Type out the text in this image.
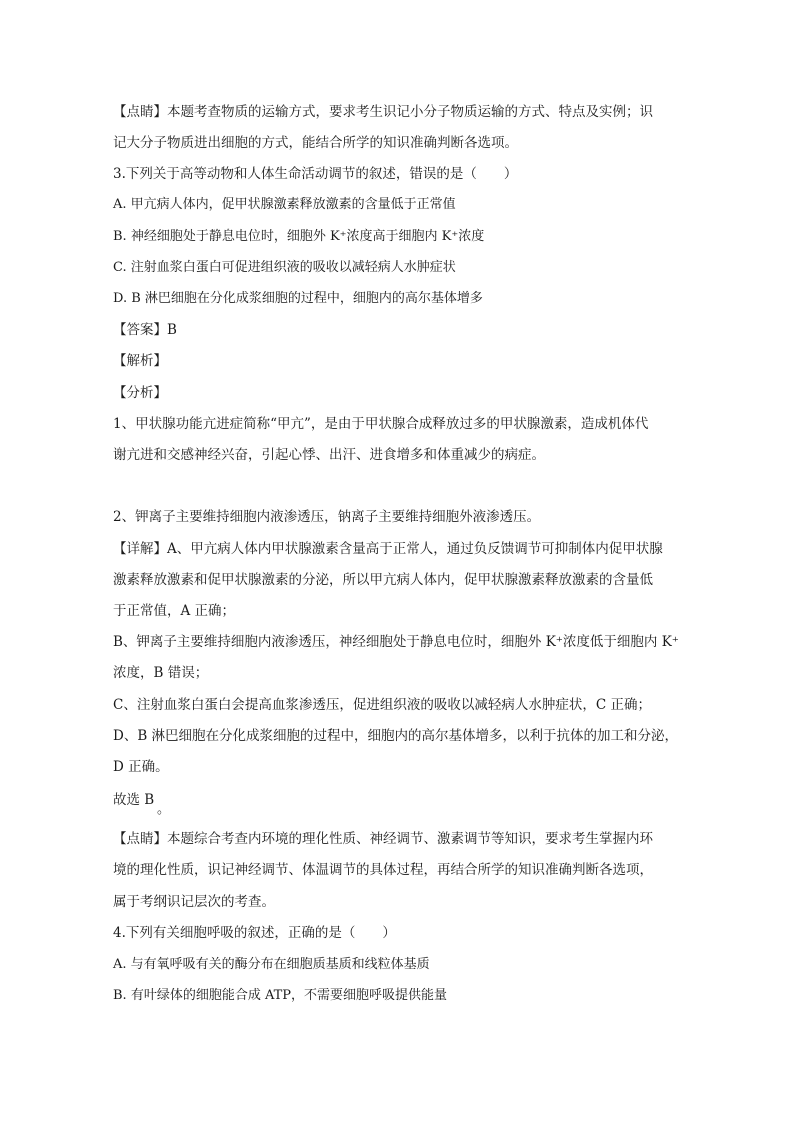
【点睛】本题考查物质的运输方式，要求考生识记小分子物质运输的方式、特点及实例；识
记大分子物质进出细胞的方式，能结合所学的知识准确判断各选项。
3.下列关于高等动物和人体生命活动调节的叙述，错误的是（　　）
A. 甲亢病人体内，促甲状腺激素释放激素的含量低于正常值
B. 神经细胞处于静息电位时，细胞外 K⁺浓度高于细胞内 K⁺浓度
C. 注射血浆白蛋白可促进组织液的吸收以减轻病人水肿症状
D. B 淋巴细胞在分化成浆细胞的过程中，细胞内的高尔基体增多
【答案】B
【解析】
【分析】
1、甲状腺功能亢进症简称“甲亢”，是由于甲状腺合成释放过多的甲状腺激素，造成机体代
谢亢进和交感神经兴奋，引起心悸、出汗、进食增多和体重减少的病症。
2、钾离子主要维持细胞内液渗透压，钠离子主要维持细胞外液渗透压。
【详解】A、甲亢病人体内甲状腺激素含量高于正常人，通过负反馈调节可抑制体内促甲状腺
激素释放激素和促甲状腺激素的分泌，所以甲亢病人体内，促甲状腺激素释放激素的含量低
于正常值，A 正确；
B、钾离子主要维持细胞内液渗透压，神经细胞处于静息电位时，细胞外 K⁺浓度低于细胞内 K⁺
浓度，B 错误；
C、注射血浆白蛋白会提高血浆渗透压，促进组织液的吸收以减轻病人水肿症状，C 正确；
D、B 淋巴细胞在分化成浆细胞的过程中，细胞内的高尔基体增多，以利于抗体的加工和分泌，
D 正确。
故选 B
。
【点睛】本题综合考查内环境的理化性质、神经调节、激素调节等知识，要求考生掌握内环
境的理化性质，识记神经调节、体温调节的具体过程，再结合所学的知识准确判断各选项，
属于考纲识记层次的考查。
4.下列有关细胞呼吸的叙述，正确的是（　　）
A. 与有氧呼吸有关的酶分布在细胞质基质和线粒体基质
B. 有叶绿体的细胞能合成 ATP，不需要细胞呼吸提供能量
